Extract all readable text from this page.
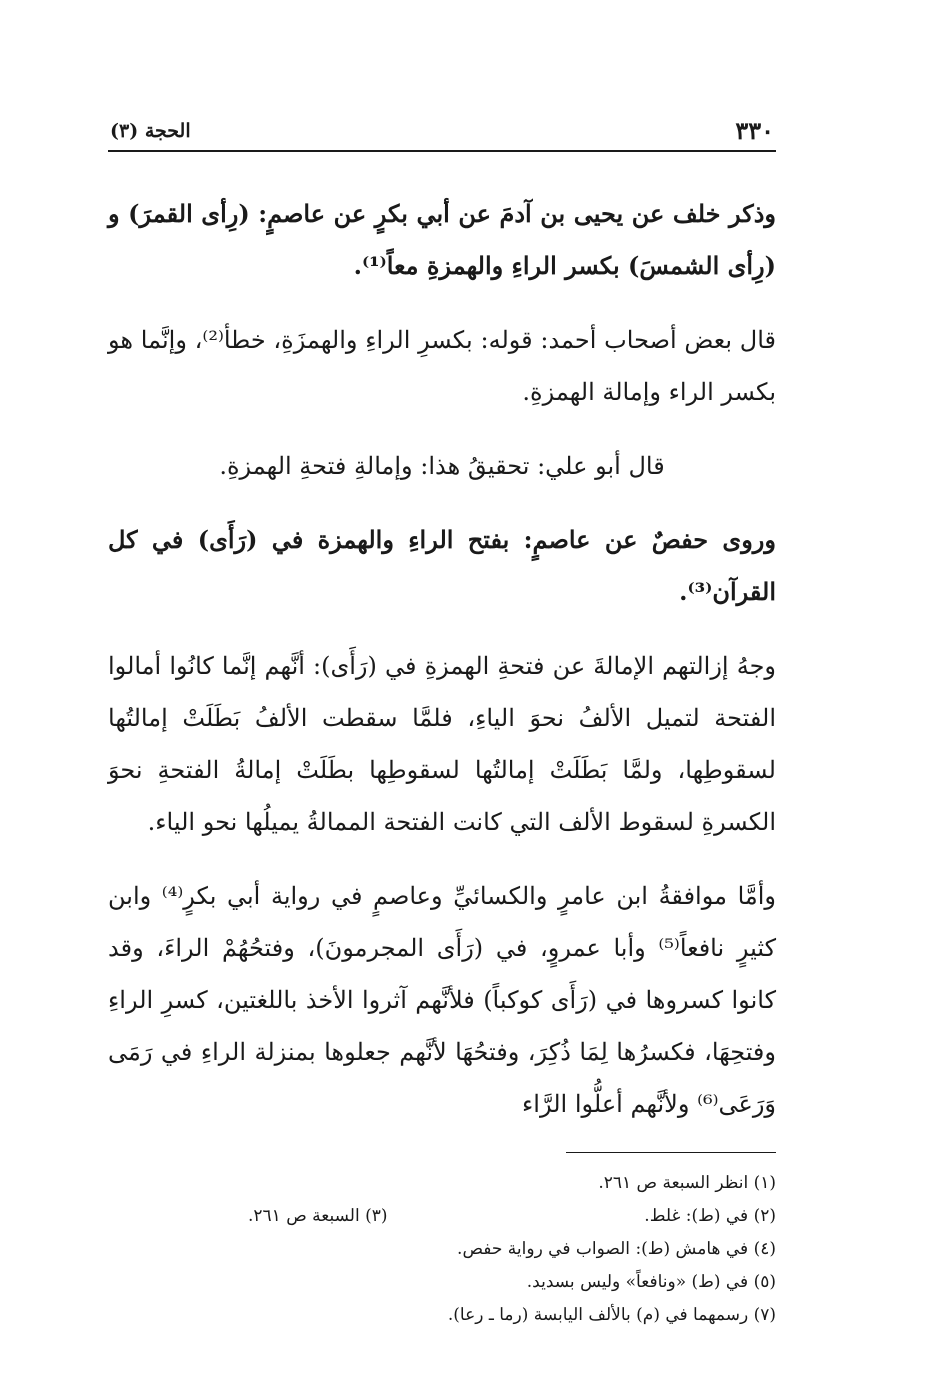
٣٣٠
الحجة (٣)

وذكر خلف عن يحيى بن آدمَ عن أبي بكرٍ عن عاصمٍ: (رِأى القمرَ) و (رِأى الشمسَ) بكسر الراءِ والهمزةِ معاً⁽¹⁾.

قال بعض أصحاب أحمد: قوله: بكسرِ الراءِ والهمزَةِ، خطأ⁽²⁾، وإنَّما هو بكسر الراء وإمالة الهمزةِ.

قال أبو علي: تحقيقُ هذا: وإمالةِ فتحةِ الهمزةِ.

وروى حفصٌ عن عاصمٍ: بفتح الراءِ والهمزة في (رَأَى) في كل القرآن⁽³⁾.

وجهُ إزالتهم الإمالةَ عن فتحةِ الهمزةِ في (رَأَى): أنَّهم إنَّما كانُوا أمالوا الفتحة لتميل الألفُ نحوَ الياءِ، فلمَّا سقطت الألفُ بَطَلَتْ إمالتُها لسقوطِها، ولمَّا بَطَلَتْ إمالتُها لسقوطِها بطَلَتْ إمالةُ الفتحةِ نحوَ الكسرةِ لسقوط الألف التي كانت الفتحة الممالةُ يميلُها نحو الياء.

وأمَّا موافقةُ ابن عامرٍ والكسائيِّ وعاصمٍ في رواية أبي بكرٍ⁽⁴⁾ وابن كثيرٍ نافعاً⁽⁵⁾ وأبا عمروٍ، في (رَأَى المجرمونَ)، وفتحُهُمْ الراءَ، وقد كانوا كسروها في (رَأَى كوكباً) فلأنَّهم آثروا الأخذ باللغتين، كسرِ الراءِ وفتحِهَا، فكسرُها لِمَا ذُكِرَ، وفتحُهَا لأنَّهم جعلوها بمنزلة الراءِ في رَمَى وَرَعَى⁽⁶⁾ ولأنَّهم أعلُّوا الرَّاء

(١) انظر السبعة ص ٢٦١.

(٢) في (ط): غلط.

(٣) السبعة ص ٢٦١.

(٤) في هامش (ط): الصواب في رواية حفص.

(٥) في (ط) «ونافعاً» وليس بسديد.

(٧) رسمهما في (م) بالألف اليابسة (رما ـ رعا).
